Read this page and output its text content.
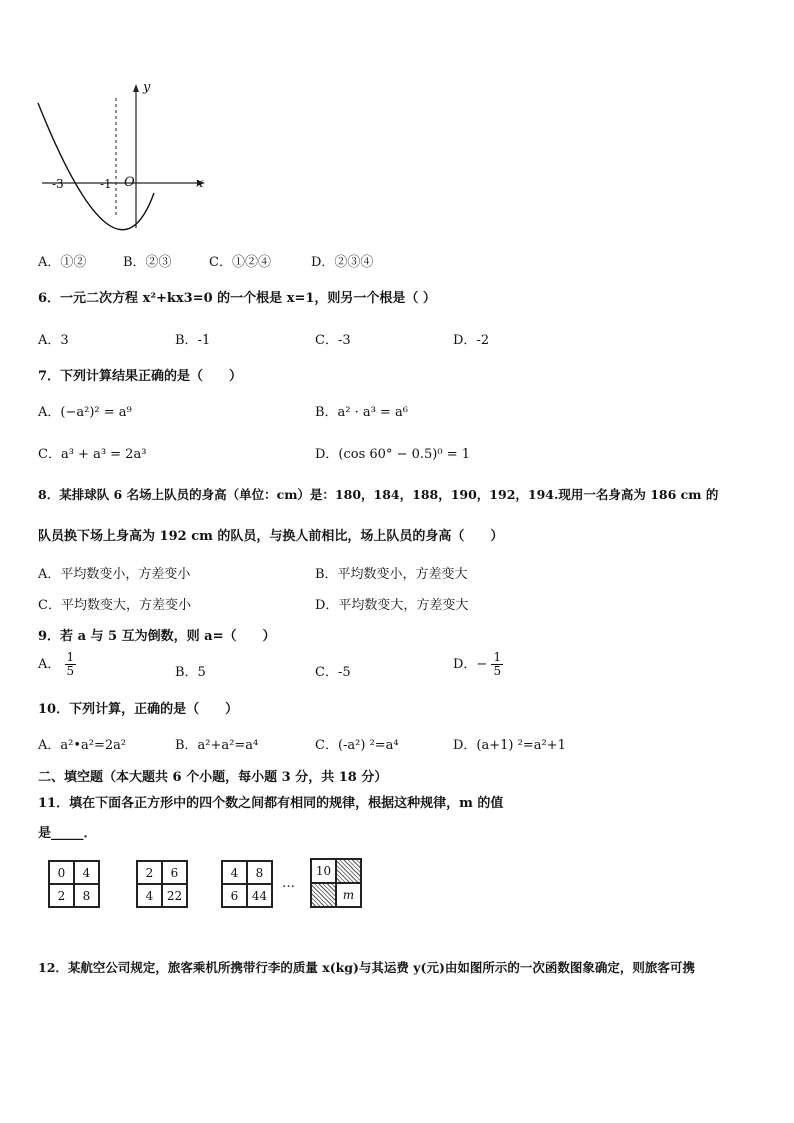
y
x
O
-3	-1
A．①②	B．②③	C．①②④	D．②③④
6．一元二次方程 x²+kx3=0 的一个根是 x=1，则另一个根是（ ）
A．3	B．-1	C．-3	D．-2
7．下列计算结果正确的是（　　）
A．(−a²)² = a⁹	B．a² · a³ = a⁶
C．a³ + a³ = 2a³	D．(cos 60° − 0.5)⁰ = 1
8．某排球队 6 名场上队员的身高（单位：cm）是：180，184，188，190，192，194.现用一名身高为 186 cm 的
队员换下场上身高为 192 cm 的队员，与换人前相比，场上队员的身高（　　）
A．平均数变小，方差变小	B．平均数变小，方差变大
C．平均数变大，方差变小	D．平均数变大，方差变大
9．若 a 与 5 互为倒数，则 a=（　　）
A． $\frac{1}{5}$	B．5	C．-5
D．− $\frac{1}{5}$
10．下列计算，正确的是（　　）
A．a²•a²=2a²	B．a²+a²=a⁴	C．(-a²) ²=a⁴	D．(a+1) ²=a²+1
二、填空题（本大题共 6 个小题，每小题 3 分，共 18 分）
11．填在下面各正方形中的四个数之间都有相同的规律，根据这种规律，m 的值
是_____．
0	4
2	8
2	6
4	22
4	8
6	44
…
10
m
12．某航空公司规定，旅客乘机所携带行李的质量 x(kg)与其运费 y(元)由如图所示的一次函数图象确定，则旅客可携
